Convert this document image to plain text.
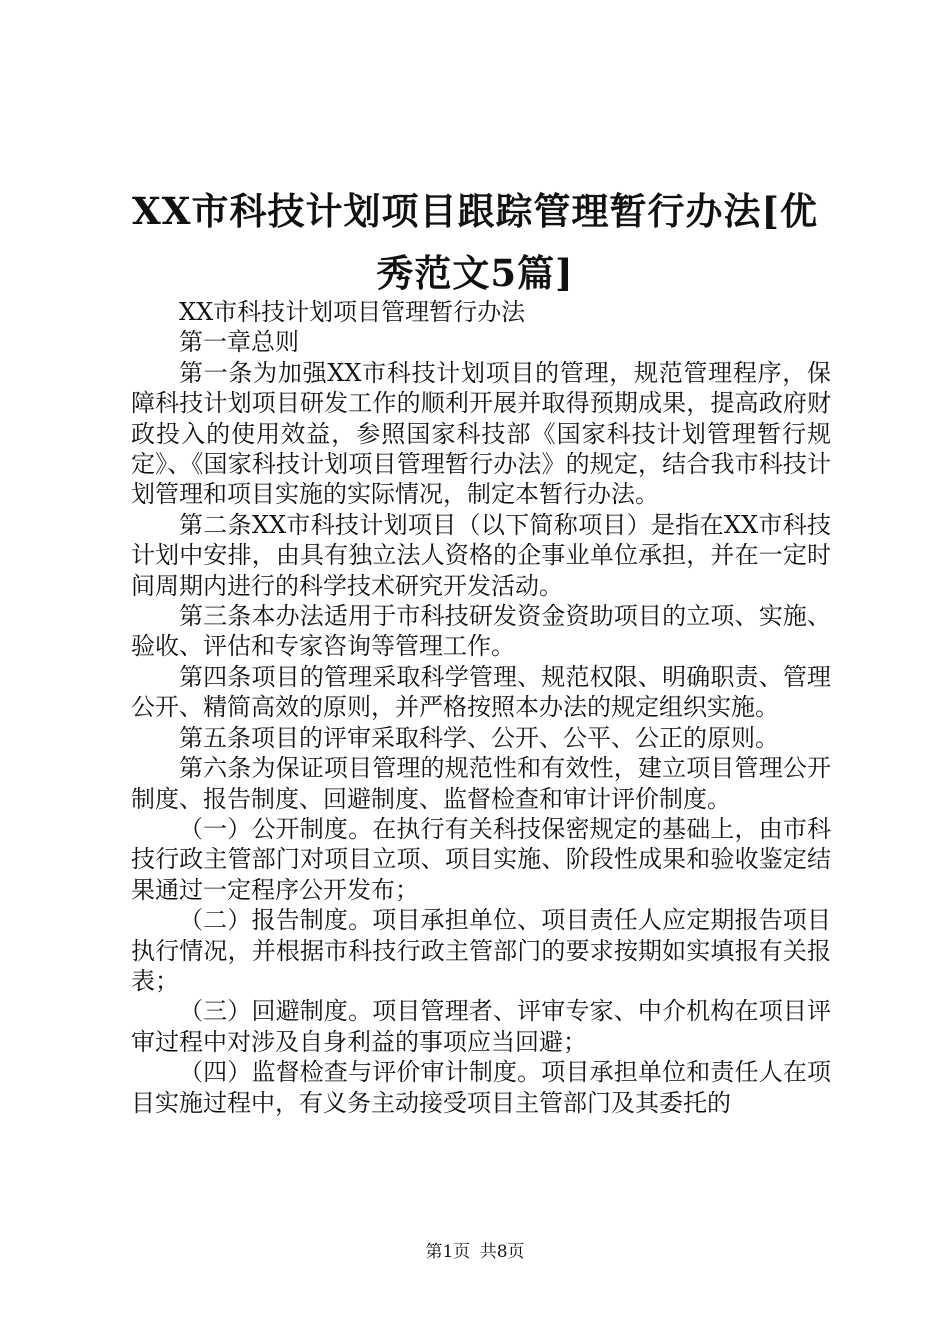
XX市科技计划项目跟踪管理暂行办法[优秀范文5篇]

XX市科技计划项目管理暂行办法

第一章总则

第一条为加强XX市科技计划项目的管理，规范管理程序，保障科技计划项目研发工作的顺利开展并取得预期成果，提高政府财政投入的使用效益，参照国家科技部《国家科技计划管理暂行规定》、《国家科技计划项目管理暂行办法》的规定，结合我市科技计划管理和项目实施的实际情况，制定本暂行办法。

第二条XX市科技计划项目（以下简称项目）是指在XX市科技计划中安排，由具有独立法人资格的企事业单位承担，并在一定时间周期内进行的科学技术研究开发活动。

第三条本办法适用于市科技研发资金资助项目的立项、实施、验收、评估和专家咨询等管理工作。

第四条项目的管理采取科学管理、规范权限、明确职责、管理公开、精简高效的原则，并严格按照本办法的规定组织实施。

第五条项目的评审采取科学、公开、公平、公正的原则。

第六条为保证项目管理的规范性和有效性，建立项目管理公开制度、报告制度、回避制度、监督检查和审计评价制度。

（一）公开制度。在执行有关科技保密规定的基础上，由市科技行政主管部门对项目立项、项目实施、阶段性成果和验收鉴定结果通过一定程序公开发布；

（二）报告制度。项目承担单位、项目责任人应定期报告项目执行情况，并根据市科技行政主管部门的要求按期如实填报有关报表；

（三）回避制度。项目管理者、评审专家、中介机构在项目评审过程中对涉及自身利益的事项应当回避；

（四）监督检查与评价审计制度。项目承担单位和责任人在项目实施过程中，有义务主动接受项目主管部门及其委托的

第1页 共8页
